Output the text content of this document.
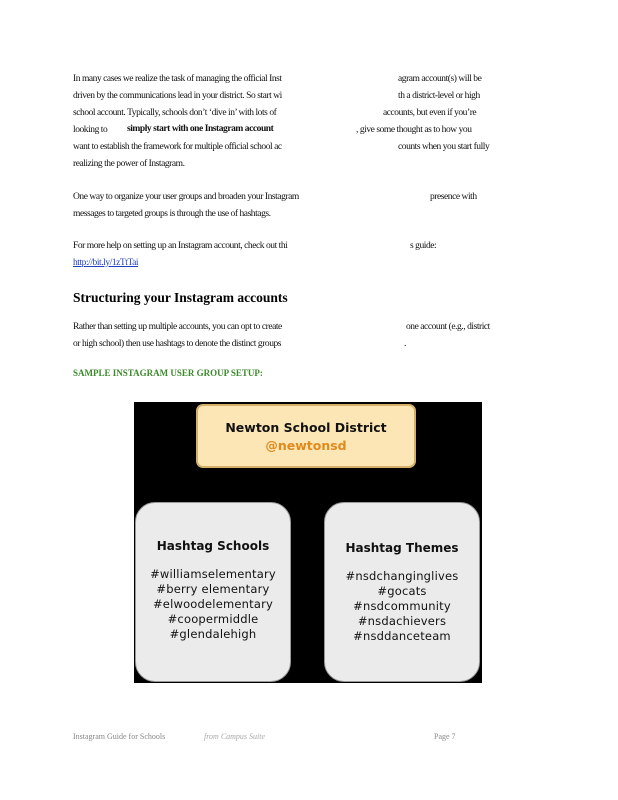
In many cases we realize the task of managing the official Inst	agram account(s) will be
driven by the communications lead in your district. So start wi	th a district-level or high
school account. Typically, schools don’t ‘dive in’ with lots of	accounts, but even if you’re
looking to simply start with one Instagram account	, give some thought as to how you
want to establish the framework for multiple official school ac	counts when you start fully
realizing the power of Instagram.
One way to organize your user groups and broaden your Instagram	presence with
messages to targeted groups is through the use of hashtags.
For more help on setting up an Instagram account, check out thi	s guide:
http://bit.ly/1zTtTai
Structuring your Instagram accounts
Rather than setting up multiple accounts, you can opt to create	one account (e.g., district
or high school) then use hashtags to denote the distinct groups	.
SAMPLE INSTAGRAM USER GROUP SETUP:
Newton School District
@newtonsd
Hashtag Schools
#williamselementary
#berry elementary
#elwoodelementary
#coopermiddle
#glendalehigh
Hashtag Themes
#nsdchanginglives
#gocats
#nsdcommunity
#nsdachievers
#nsddanceteam
Instagram Guide for Schools	from Campus Suite	Page 7
